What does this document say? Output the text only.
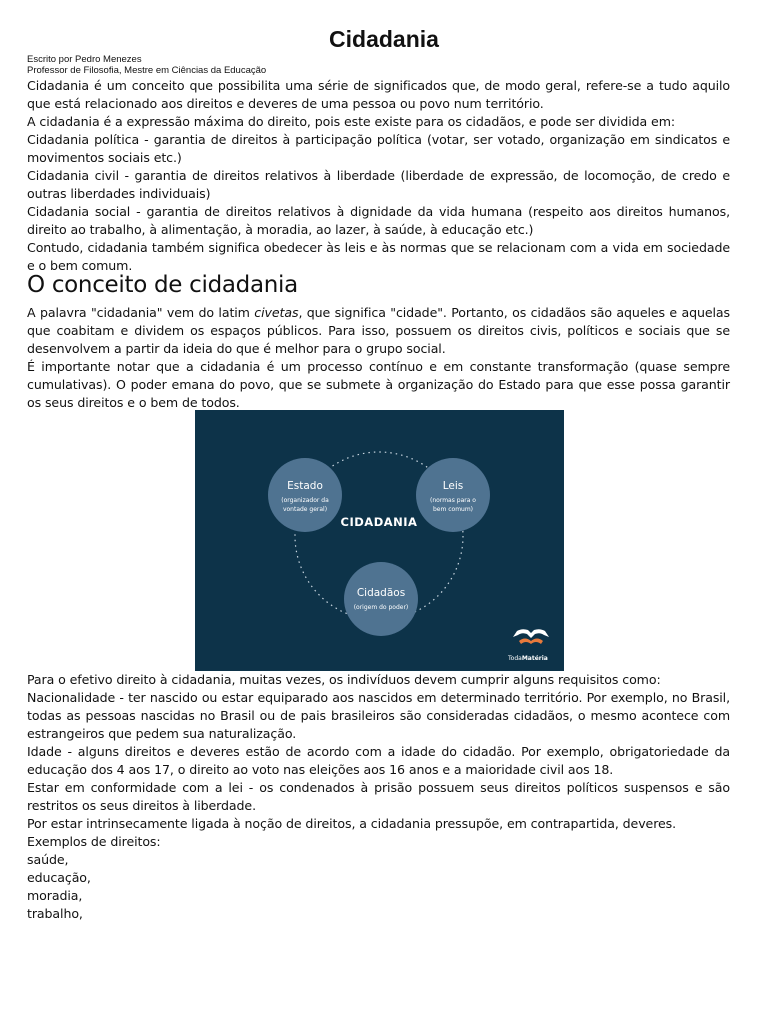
Cidadania
Escrito por Pedro Menezes
Professor de Filosofia, Mestre em Ciências da Educação

Cidadania é um conceito que possibilita uma série de significados que, de modo geral, refere-se a tudo aquilo que está relacionado aos direitos e deveres de uma pessoa ou povo num território.

A cidadania é a expressão máxima do direito, pois este existe para os cidadãos, e pode ser dividida em:

Cidadania política - garantia de direitos à participação política (votar, ser votado, organização em sindicatos e movimentos sociais etc.)

Cidadania civil - garantia de direitos relativos à liberdade (liberdade de expressão, de locomoção, de credo e outras liberdades individuais)

Cidadania social - garantia de direitos relativos à dignidade da vida humana (respeito aos direitos humanos, direito ao trabalho, à alimentação, à moradia, ao lazer, à saúde, à educação etc.)

Contudo, cidadania também significa obedecer às leis e às normas que se relacionam com a vida em sociedade e o bem comum.

O conceito de cidadania

A palavra "cidadania" vem do latim civetas, que significa "cidade". Portanto, os cidadãos são aqueles e aquelas que coabitam e dividem os espaços públicos. Para isso, possuem os direitos civis, políticos e sociais que se desenvolvem a partir da ideia do que é melhor para o grupo social.

É importante notar que a cidadania é um processo contínuo e em constante transformação (quase sempre cumulativas). O poder emana do povo, que se submete à organização do Estado para que esse possa garantir os seus direitos e o bem de todos.

CIDADANIA
Estado
(organizador da
vontade geral)
Leis
(normas para o
bem comum)
Cidadãos
(origem do poder)
TodaMatéria

Para o efetivo direito à cidadania, muitas vezes, os indivíduos devem cumprir alguns requisitos como:

Nacionalidade - ter nascido ou estar equiparado aos nascidos em determinado território. Por exemplo, no Brasil, todas as pessoas nascidas no Brasil ou de pais brasileiros são consideradas cidadãos, o mesmo acontece com estrangeiros que pedem sua naturalização.

Idade - alguns direitos e deveres estão de acordo com a idade do cidadão. Por exemplo, obrigatoriedade da educação dos 4 aos 17, o direito ao voto nas eleições aos 16 anos e a maioridade civil aos 18.

Estar em conformidade com a lei - os condenados à prisão possuem seus direitos políticos suspensos e são restritos os seus direitos à liberdade.

Por estar intrinsecamente ligada à noção de direitos, a cidadania pressupõe, em contrapartida, deveres.

Exemplos de direitos:

saúde,

educação,

moradia,

trabalho,
